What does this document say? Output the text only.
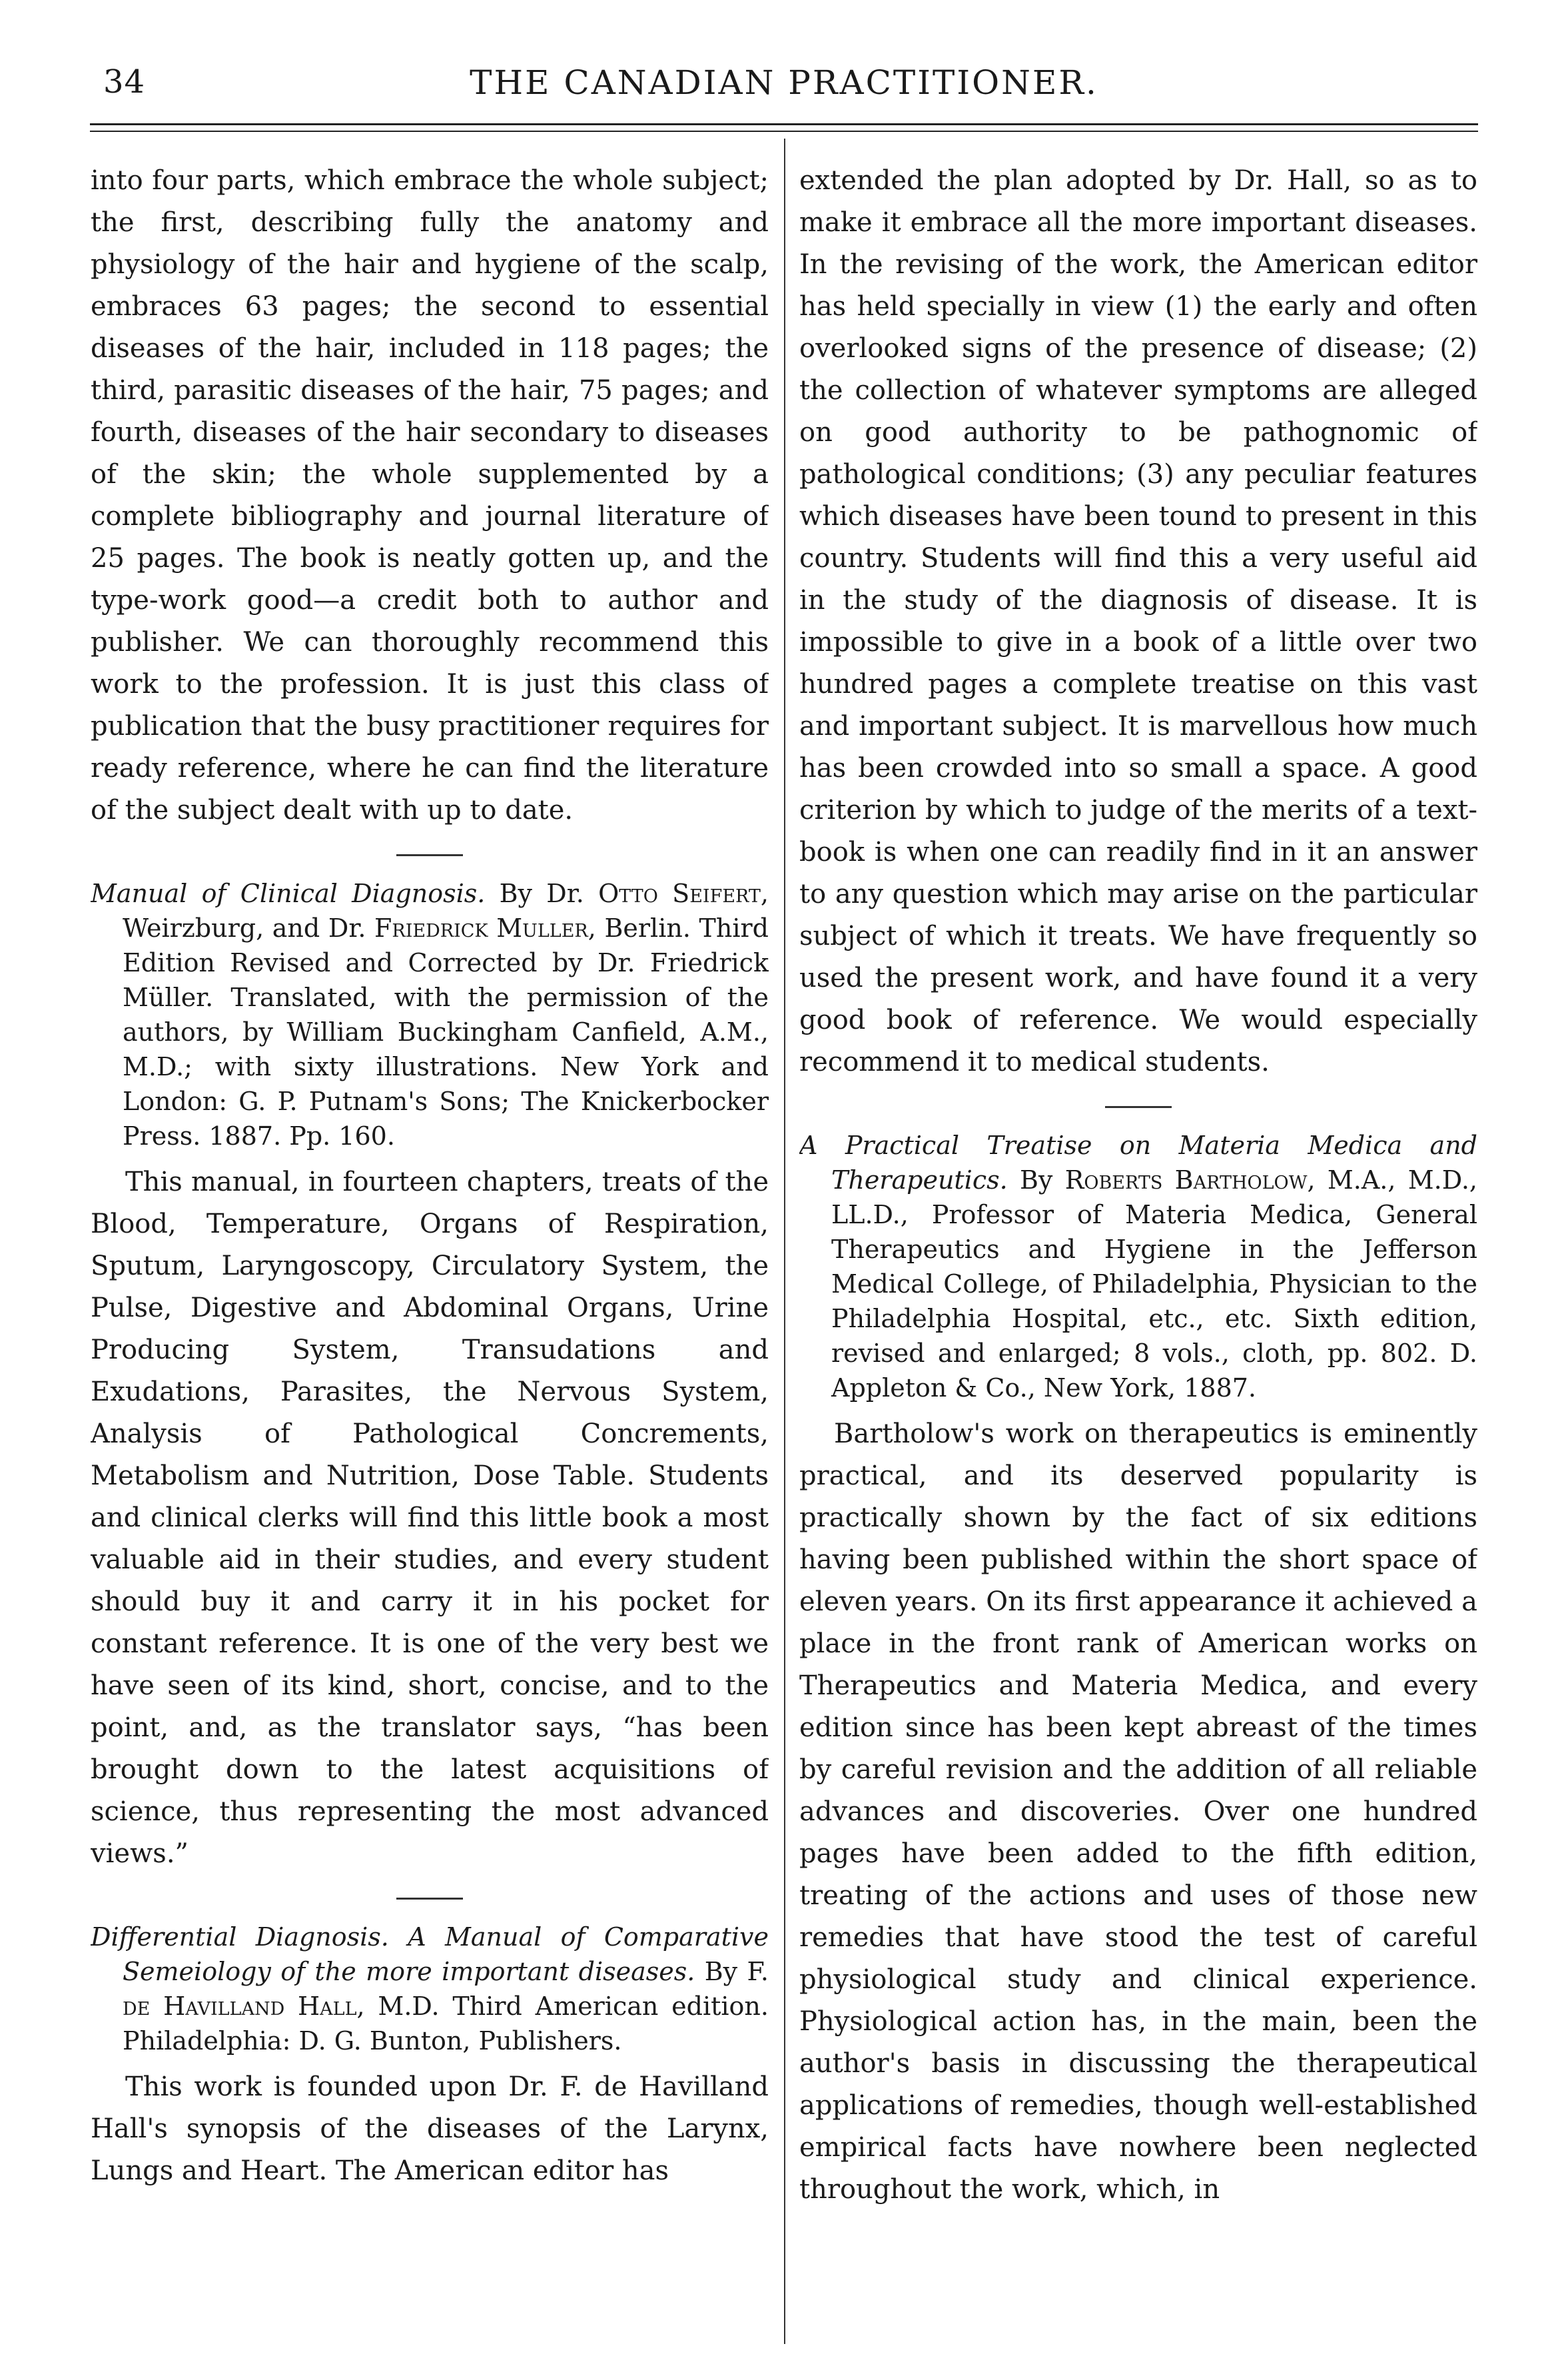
34	THE CANADIAN PRACTITIONER.

into four parts, which embrace the whole subject; the first, describing fully the anatomy and physiology of the hair and hygiene of the scalp, embraces 63 pages; the second to essential diseases of the hair, included in 118 pages; the third, parasitic diseases of the hair, 75 pages; and fourth, diseases of the hair secondary to diseases of the skin; the whole supplemented by a complete bibliography and journal literature of 25 pages. The book is neatly gotten up, and the type-work good—a credit both to author and publisher. We can thoroughly recommend this work to the profession. It is just this class of publication that the busy practitioner requires for ready reference, where he can find the literature of the subject dealt with up to date.

Manual of Clinical Diagnosis. By Dr. Otto Seifert, Weirzburg, and Dr. Friedrick Muller, Berlin. Third Edition Revised and Corrected by Dr. Friedrick Müller. Translated, with the permission of the authors, by William Buckingham Canfield, A.M., M.D.; with sixty illustrations. New York and London: G. P. Putnam's Sons; The Knickerbocker Press. 1887. Pp. 160.

This manual, in fourteen chapters, treats of the Blood, Temperature, Organs of Respiration, Sputum, Laryngoscopy, Circulatory System, the Pulse, Digestive and Abdominal Organs, Urine Producing System, Transudations and Exudations, Parasites, the Nervous System, Analysis of Pathological Concrements, Metabolism and Nutrition, Dose Table. Students and clinical clerks will find this little book a most valuable aid in their studies, and every student should buy it and carry it in his pocket for constant reference. It is one of the very best we have seen of its kind, short, concise, and to the point, and, as the translator says, “has been brought down to the latest acquisitions of science, thus representing the most advanced views.”

Differential Diagnosis. A Manual of Comparative Semeiology of the more important diseases. By F. de Havilland Hall, M.D. Third American edition. Philadelphia: D. G. Bunton, Publishers.

This work is founded upon Dr. F. de Havilland Hall's synopsis of the diseases of the Larynx, Lungs and Heart. The American editor has

extended the plan adopted by Dr. Hall, so as to make it embrace all the more important diseases. In the revising of the work, the American editor has held specially in view (1) the early and often overlooked signs of the presence of disease; (2) the collection of whatever symptoms are alleged on good authority to be pathognomic of pathological conditions; (3) any peculiar features which diseases have been tound to present in this country. Students will find this a very useful aid in the study of the diagnosis of disease. It is impossible to give in a book of a little over two hundred pages a complete treatise on this vast and important subject. It is marvellous how much has been crowded into so small a space. A good criterion by which to judge of the merits of a text-book is when one can readily find in it an answer to any question which may arise on the particular subject of which it treats. We have frequently so used the present work, and have found it a very good book of reference. We would especially recommend it to medical students.

A Practical Treatise on Materia Medica and Therapeutics. By Roberts Bartholow, M.A., M.D., LL.D., Professor of Materia Medica, General Therapeutics and Hygiene in the Jefferson Medical College, of Philadelphia, Physician to the Philadelphia Hospital, etc., etc. Sixth edition, revised and enlarged; 8 vols., cloth, pp. 802. D. Appleton & Co., New York, 1887.

Bartholow's work on therapeutics is eminently practical, and its deserved popularity is practically shown by the fact of six editions having been published within the short space of eleven years. On its first appearance it achieved a place in the front rank of American works on Therapeutics and Materia Medica, and every edition since has been kept abreast of the times by careful revision and the addition of all reliable advances and discoveries. Over one hundred pages have been added to the fifth edition, treating of the actions and uses of those new remedies that have stood the test of careful physiological study and clinical experience. Physiological action has, in the main, been the author's basis in discussing the therapeutical applications of remedies, though well-established empirical facts have nowhere been neglected throughout the work, which, in
